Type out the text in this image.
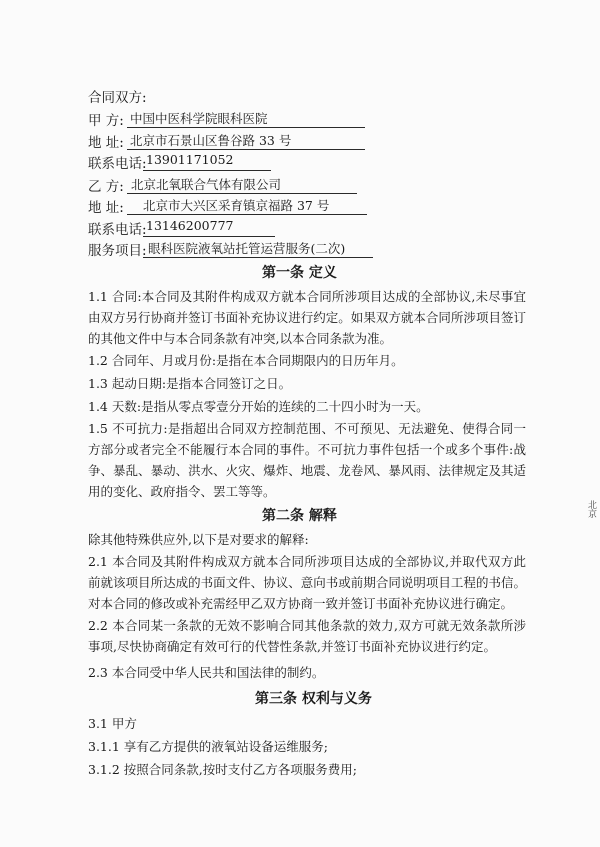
合同双方:
甲 方: 中国中医科学院眼科医院
地 址: 北京市石景山区鲁谷路 33 号
联系电话: 13901171052
乙 方: 北京北氧联合气体有限公司
地 址: 北京市大兴区采育镇京福路 37 号
联系电话: 13146200777
服务项目: 眼科医院液氧站托管运营服务(二次)
第一条 定义
1.1 合同:本合同及其附件构成双方就本合同所涉项目达成的全部协议,未尽事宜由双方另行协商并签订书面补充协议进行约定。如果双方就本合同所涉项目签订的其他文件中与本合同条款有冲突,以本合同条款为准。
1.2 合同年、月或月份:是指在本合同期限内的日历年月。
1.3 起动日期:是指本合同签订之日。
1.4 天数:是指从零点零壹分开始的连续的二十四小时为一天。
1.5 不可抗力:是指超出合同双方控制范围、不可预见、无法避免、使得合同一方部分或者完全不能履行本合同的事件。不可抗力事件包括一个或多个事件:战争、暴乱、暴动、洪水、火灾、爆炸、地震、龙卷风、暴风雨、法律规定及其适用的变化、政府指令、罢工等等。
第二条 解释
除其他特殊供应外,以下是对要求的解释:
2.1 本合同及其附件构成双方就本合同所涉项目达成的全部协议,并取代双方此前就该项目所达成的书面文件、协议、意向书或前期合同说明项目工程的书信。对本合同的修改或补充需经甲乙双方协商一致并签订书面补充协议进行确定。
2.2 本合同某一条款的无效不影响合同其他条款的效力,双方可就无效条款所涉事项,尽快协商确定有效可行的代替性条款,并签订书面补充协议进行约定。
2.3 本合同受中华人民共和国法律的制约。
第三条 权利与义务
3.1 甲方
3.1.1 享有乙方提供的液氧站设备运维服务;
3.1.2 按照合同条款,按时支付乙方各项服务费用;
北京
